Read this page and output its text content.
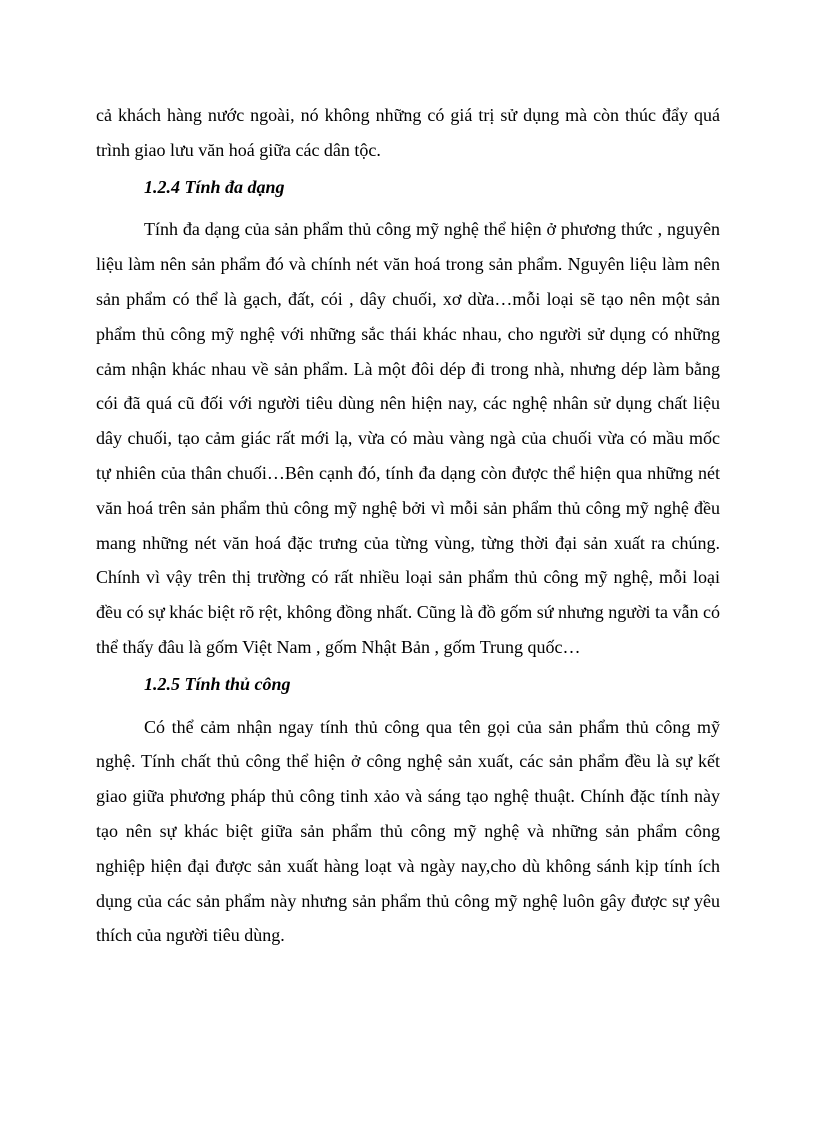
cả khách hàng nước ngoài, nó không những có giá trị sử dụng mà còn thúc đẩy quá trình giao lưu văn hoá giữa các dân tộc.

1.2.4 Tính đa dạng

Tính đa dạng của sản phẩm thủ công mỹ nghệ thể hiện ở phương thức , nguyên liệu làm nên sản phẩm đó và chính nét văn hoá trong sản phẩm. Nguyên liệu làm nên sản phẩm có thể là gạch, đất, cói , dây chuối, xơ dừa…mỗi loại sẽ tạo nên một sản phẩm thủ công mỹ nghệ với những sắc thái khác nhau, cho người sử dụng có những cảm nhận khác nhau về sản phẩm. Là một đôi dép đi trong nhà, nhưng dép làm bằng cói đã quá cũ đối với người tiêu dùng nên hiện nay, các nghệ nhân sử dụng chất liệu dây chuối, tạo cảm giác rất mới lạ, vừa có màu vàng ngà của chuối vừa có mầu mốc tự nhiên của thân chuối…Bên cạnh đó, tính đa dạng còn được thể hiện qua những nét văn hoá trên sản phẩm thủ công mỹ nghệ bởi vì mỗi sản phẩm thủ công mỹ nghệ đều mang những nét văn hoá đặc trưng của từng vùng, từng thời đại sản xuất ra chúng. Chính vì vậy trên thị trường có rất nhiều loại sản phẩm thủ công mỹ nghệ, mỗi loại đều có sự khác biệt rõ rệt, không đồng nhất. Cũng là đồ gốm sứ nhưng người ta vẫn có thể thấy đâu là gốm Việt Nam , gốm Nhật Bản , gốm Trung quốc…

1.2.5 Tính thủ công

Có thể cảm nhận ngay tính thủ công qua tên gọi của sản phẩm thủ công mỹ nghệ. Tính chất thủ công thể hiện ở công nghệ sản xuất, các sản phẩm đều là sự kết giao giữa phương pháp thủ công tinh xảo và sáng tạo nghệ thuật. Chính đặc tính này tạo nên sự khác biệt giữa sản phẩm thủ công mỹ nghệ và những sản phẩm công nghiệp hiện đại được sản xuất hàng loạt và ngày nay,cho dù không sánh kịp tính ích dụng của các sản phẩm này nhưng sản phẩm thủ công mỹ nghệ luôn gây được sự yêu thích của người tiêu dùng.
